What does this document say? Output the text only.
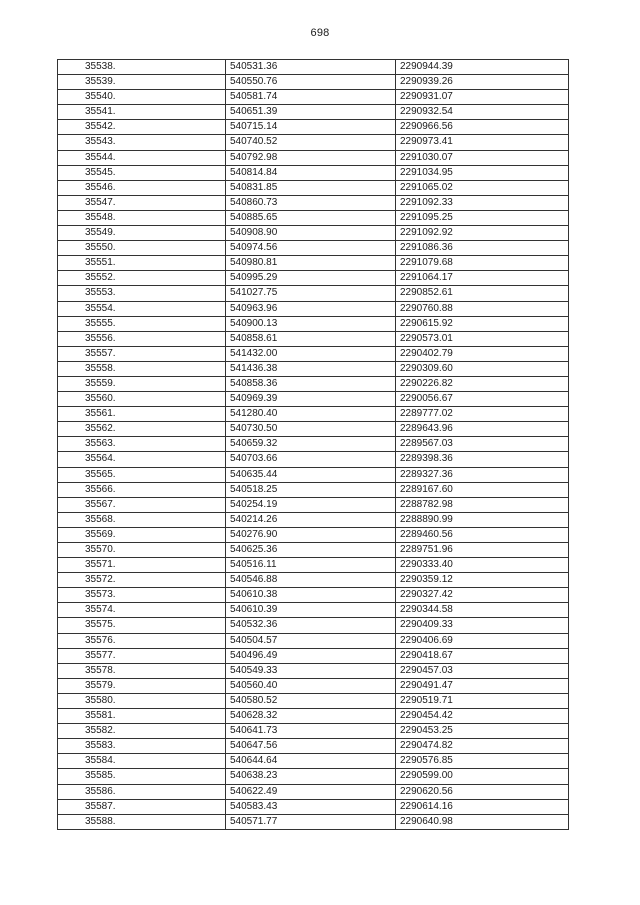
698
35538.	540531.36	2290944.39
35539.	540550.76	2290939.26
35540.	540581.74	2290931.07
35541.	540651.39	2290932.54
35542.	540715.14	2290966.56
35543.	540740.52	2290973.41
35544.	540792.98	2291030.07
35545.	540814.84	2291034.95
35546.	540831.85	2291065.02
35547.	540860.73	2291092.33
35548.	540885.65	2291095.25
35549.	540908.90	2291092.92
35550.	540974.56	2291086.36
35551.	540980.81	2291079.68
35552.	540995.29	2291064.17
35553.	541027.75	2290852.61
35554.	540963.96	2290760.88
35555.	540900.13	2290615.92
35556.	540858.61	2290573.01
35557.	541432.00	2290402.79
35558.	541436.38	2290309.60
35559.	540858.36	2290226.82
35560.	540969.39	2290056.67
35561.	541280.40	2289777.02
35562.	540730.50	2289643.96
35563.	540659.32	2289567.03
35564.	540703.66	2289398.36
35565.	540635.44	2289327.36
35566.	540518.25	2289167.60
35567.	540254.19	2288782.98
35568.	540214.26	2288890.99
35569.	540276.90	2289460.56
35570.	540625.36	2289751.96
35571.	540516.11	2290333.40
35572.	540546.88	2290359.12
35573.	540610.38	2290327.42
35574.	540610.39	2290344.58
35575.	540532.36	2290409.33
35576.	540504.57	2290406.69
35577.	540496.49	2290418.67
35578.	540549.33	2290457.03
35579.	540560.40	2290491.47
35580.	540580.52	2290519.71
35581.	540628.32	2290454.42
35582.	540641.73	2290453.25
35583.	540647.56	2290474.82
35584.	540644.64	2290576.85
35585.	540638.23	2290599.00
35586.	540622.49	2290620.56
35587.	540583.43	2290614.16
35588.	540571.77	2290640.98
